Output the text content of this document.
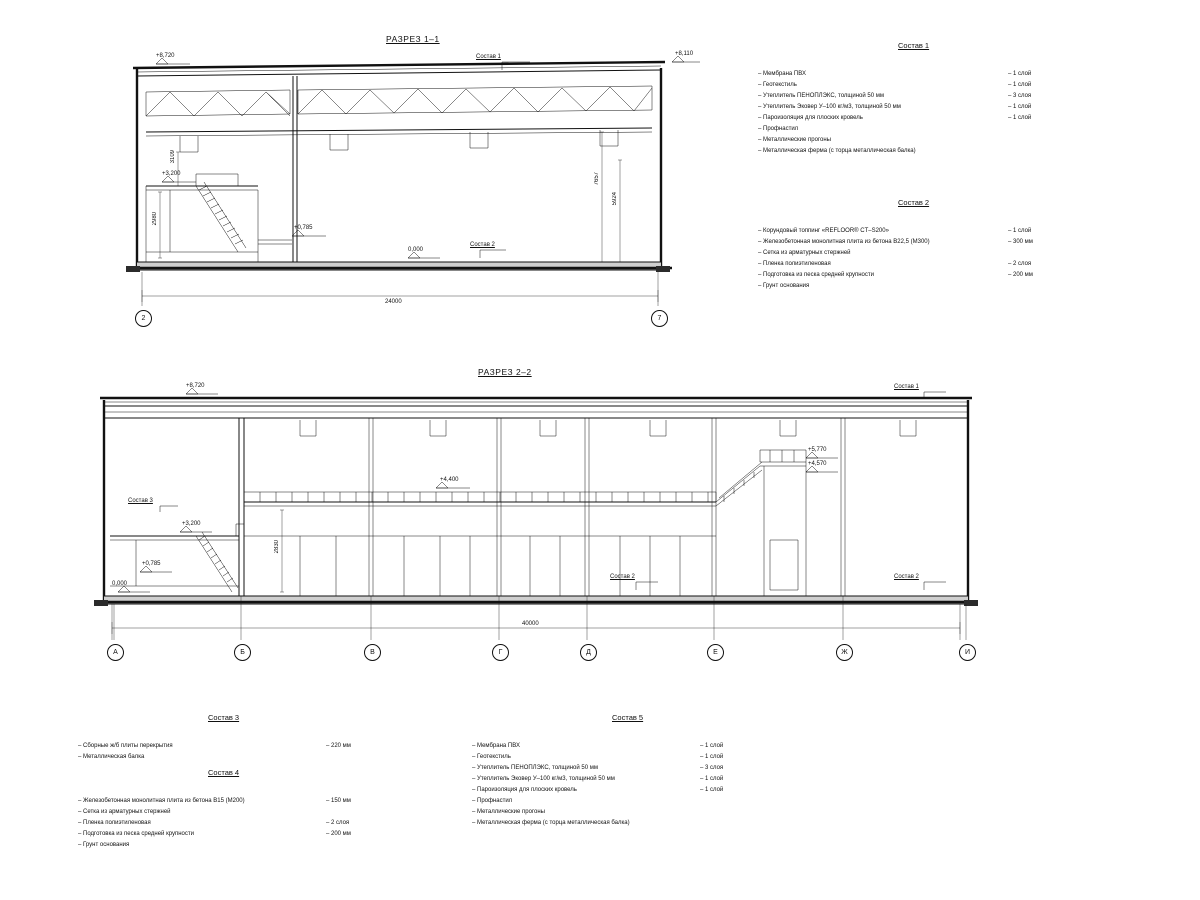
РАЗРЕЗ 1–1
+8,720	+8,110
+3,200
+0,785
0,000
3109
2980
7657
5924
24000
Состав 1
Состав 2
2	7
РАЗРЕЗ 2–2
+8,720
+4,400
+5,770
+4,570
+3,200
+0,785
0,000
2830
40000
Состав 1
Состав 2	Состав 2
Состав 3
А	Б	В	Г	Д	Е	Ж	И
Состав 1
– Мембрана ПВХ	– 1 слой
– Геотекстиль	– 1 слой
– Утеплитель ПЕНОПЛЭКС, толщиной 50 мм	– 3 слоя
– Утеплитель Эковер У–100 кг/м3, толщиной 50 мм	– 1 слой
– Пароизоляция для плоских кровель	– 1 слой
– Профнастил
– Металлические прогоны
– Металлическая ферма (с торца металлическая балка)
Состав 2
– Корундовый топпинг «REFLOOR® CT–S200»	– 1 слой
– Железобетонная монолитная плита из бетона В22,5 (М300)	– 300 мм
– Сетка из арматурных стержней
– Пленка полиэтиленовая	– 2 слоя
– Подготовка из песка средней крупности	– 200 мм
– Грунт основания
Состав 3
– Сборные ж/б плиты перекрытия	– 220 мм
– Металлическая балка
Состав 4
– Железобетонная монолитная плита из бетона В15 (М200)	– 150 мм
– Сетка из арматурных стержней
– Пленка полиэтиленовая	– 2 слоя
– Подготовка из песка средней крупности	– 200 мм
– Грунт основания
Состав 5
– Мембрана ПВХ	– 1 слой
– Геотекстиль	– 1 слой
– Утеплитель ПЕНОПЛЭКС, толщиной 50 мм	– 3 слоя
– Утеплитель Эковер У–100 кг/м3, толщиной 50 мм	– 1 слой
– Пароизоляция для плоских кровель	– 1 слой
– Профнастил
– Металлические прогоны
– Металлическая ферма (с торца металлическая балка)
